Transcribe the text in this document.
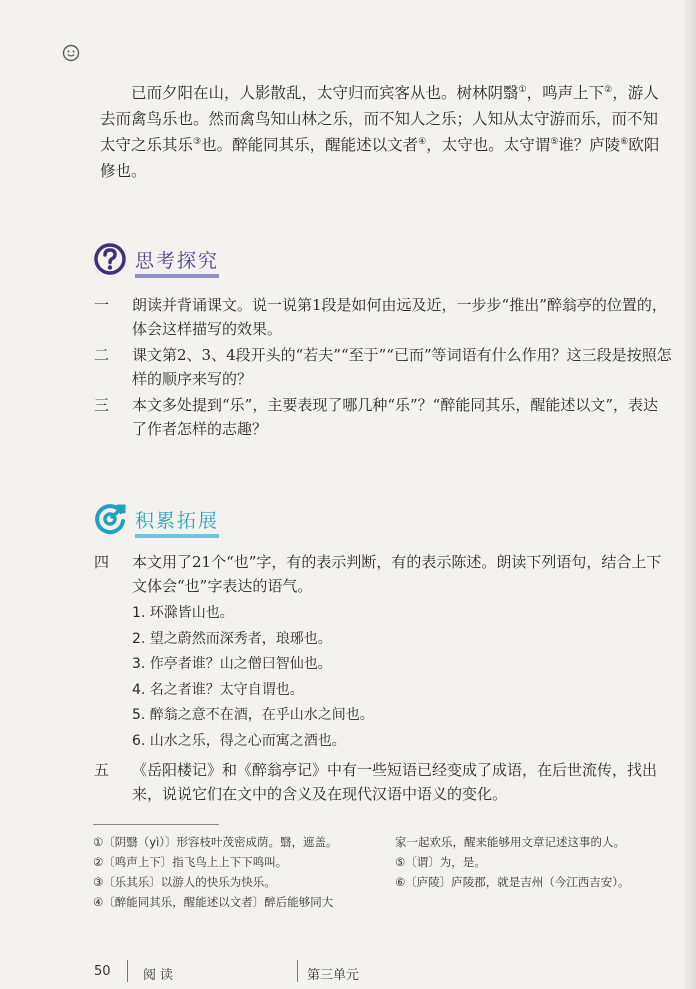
已而夕阳在山，人影散乱，太守归而宾客从也。树林阴翳①，鸣声上下②，游人去而禽鸟乐也。然而禽鸟知山林之乐，而不知人之乐；人知从太守游而乐，而不知太守之乐其乐③也。醉能同其乐，醒能述以文者④，太守也。太守谓⑤谁？庐陵⑥欧阳修也。

思考探究
一	朗读并背诵课文。说一说第1段是如何由远及近，一步步“推出”醉翁亭的位置的，体会这样描写的效果。
二	课文第2、3、4段开头的“若夫”“至于”“已而”等词语有什么作用？这三段是按照怎样的顺序来写的？
三	本文多处提到“乐”，主要表现了哪几种“乐”？“醉能同其乐，醒能述以文”，表达了作者怎样的志趣？
积累拓展
四	本文用了21个“也”字，有的表示判断，有的表示陈述。朗读下列语句，结合上下文体会“也”字表达的语气。
1. 环滁皆山也。
2. 望之蔚然而深秀者，琅琊也。
3. 作亭者谁？山之僧曰智仙也。
4. 名之者谁？太守自谓也。
5. 醉翁之意不在酒，在乎山水之间也。
6. 山水之乐，得之心而寓之酒也。
五	《岳阳楼记》和《醉翁亭记》中有一些短语已经变成了成语，在后世流传，找出来，说说它们在文中的含义及在现代汉语中语义的变化。
①〔阴翳（yì）〕形容枝叶茂密成荫。翳，遮盖。
②〔鸣声上下〕指飞鸟上上下下鸣叫。
③〔乐其乐〕以游人的快乐为快乐。
④〔醉能同其乐，醒能述以文者〕醉后能够同大
家一起欢乐，醒来能够用文章记述这事的人。
⑤〔谓〕为，是。
⑥〔庐陵〕庐陵郡，就是吉州（今江西吉安）。
50 阅读	第三单元
